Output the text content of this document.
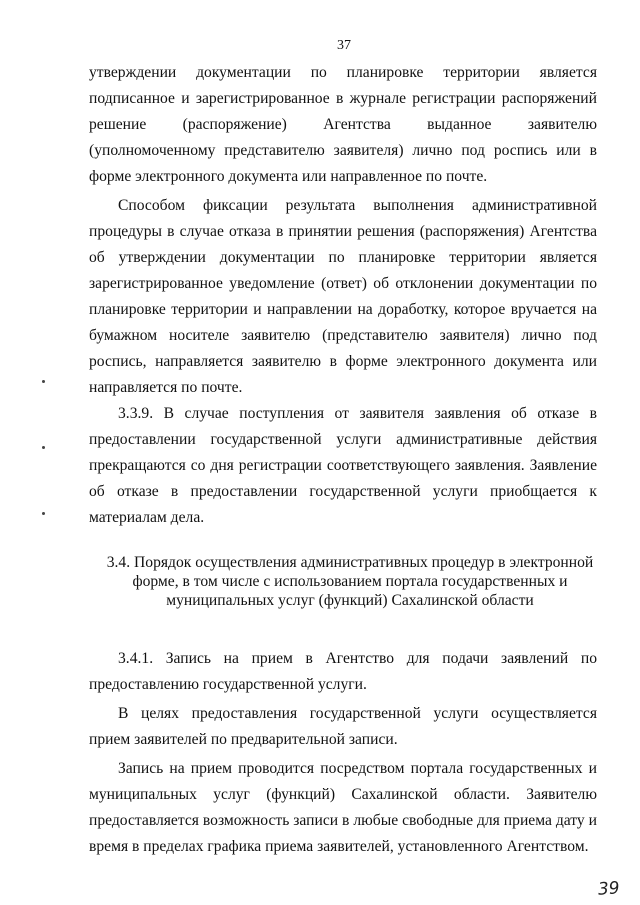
37

утверждении документации по планировке территории является подписанное и зарегистрированное в журнале регистрации распоряжений решение (распоряжение) Агентства выданное заявителю (уполномоченному представителю заявителя) лично под роспись или в форме электронного документа или направленное по почте.

Способом фиксации результата выполнения административной процедуры в случае отказа в принятии решения (распоряжения) Агентства об утверждении документации по планировке территории является зарегистрированное уведомление (ответ) об отклонении документации по планировке территории и направлении на доработку, которое вручается на бумажном носителе заявителю (представителю заявителя) лично под роспись, направляется заявителю в форме электронного документа или направляется по почте.

3.3.9. В случае поступления от заявителя заявления об отказе в предоставлении государственной услуги административные действия прекращаются со дня регистрации соответствующего заявления. Заявление об отказе в предоставлении государственной услуги приобщается к материалам дела.

3.4. Порядок осуществления административных процедур в электронной
форме, в том числе с использованием портала государственных и
муниципальных услуг (функций) Сахалинской области

3.4.1. Запись на прием в Агентство для подачи заявлений по предоставлению государственной услуги.

В целях предоставления государственной услуги осуществляется прием заявителей по предварительной записи.

Запись на прием проводится посредством портала государственных и муниципальных услуг (функций) Сахалинской области. Заявителю предоставляется возможность записи в любые свободные для приема дату и время в пределах графика приема заявителей, установленного Агентством.

39
